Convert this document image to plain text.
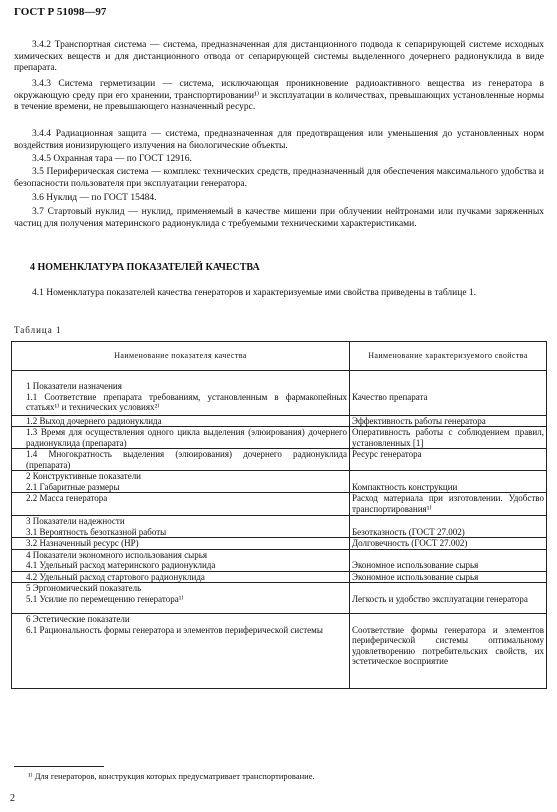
ГОСТ Р 51098—97
3.4.2 Транспортная система — система, предназначенная для дистанционного подвода к сепарирующей системе исходных химических веществ и для дистанционного отвода от сепарирующей системы выделенного дочернего радионуклида в виде препарата.
3.4.3 Система герметизации — система, исключающая проникновение радиоактивного вещества из генератора в окружающую среду при его хранении, транспортировании¹⁾ и эксплуатации в количествах, превышающих установленные нормы в течение времени, не превышающего назначенный ресурс.
3.4.4 Радиационная защита — система, предназначенная для предотвращения или уменьшения до установленных норм воздействия ионизирующего излучения на биологические объекты.
3.4.5 Охранная тара — по ГОСТ 12916.
3.5 Периферическая система — комплекс технических средств, предназначенный для обеспечения максимального удобства и безопасности пользователя при эксплуатации генератора.
3.6 Нуклид — по ГОСТ 15484.
3.7 Стартовый нуклид — нуклид, применяемый в качестве мишени при облучении нейтронами или пучками заряженных частиц для получения материнского радионуклида с требуемыми техническими характеристиками.
4 НОМЕНКЛАТУРА ПОКАЗАТЕЛЕЙ КАЧЕСТВА
4.1 Номенклатура показателей качества генераторов и характеризуемые ими свойства приведены в таблице 1.
Таблица 1
Наименование показателя качества	Наименование характеризуемого свойства

1 Показатели назначения
1.1 Соответствие препарата требованиям, установленным в фармакопейных статьях¹⁾ и технических условиях²⁾	Качество препарата

1.2 Выход дочернего радионуклида	Эффективность работы генератора

1.3 Время для осуществления одного цикла выделения (элюирования) дочернего радионуклида (препарата)	Оперативность работы с соблюдением правил, установленных [1]

1.4 Многократность выделения (элюирования) дочернего радионуклида (препарата)	Ресурс генератора

2 Конструктивные показатели
2.1 Габаритные размеры	Компактность конструкции

2.2 Масса генератора	Расход материала при изготовлении. Удобство транспортирования¹⁾

3 Показатели надежности
3.1 Вероятность безотказной работы	Безотказность (ГОСТ 27.002)

3.2 Назначенный ресурс (НР)	Долговечность (ГОСТ 27.002)

4 Показатели экономного использования сырья
4.1 Удельный расход материнского радионуклида	Экономное использование сырья

4.2 Удельный расход стартового радионуклида	Экономное использование сырья

5 Эргономический показатель
5.1 Усилие по перемещению генератора¹⁾	Легкость и удобство эксплуатации генератора

6 Эстетические показатели
6.1 Рациональность формы генератора и элементов периферической системы	Соответствие формы генератора и элементов периферической системы оптимальному удовлетворению потребительских свойств, их эстетическое восприятие
¹⁾ Для генераторов, конструкция которых предусматривает транспортирование.
2
